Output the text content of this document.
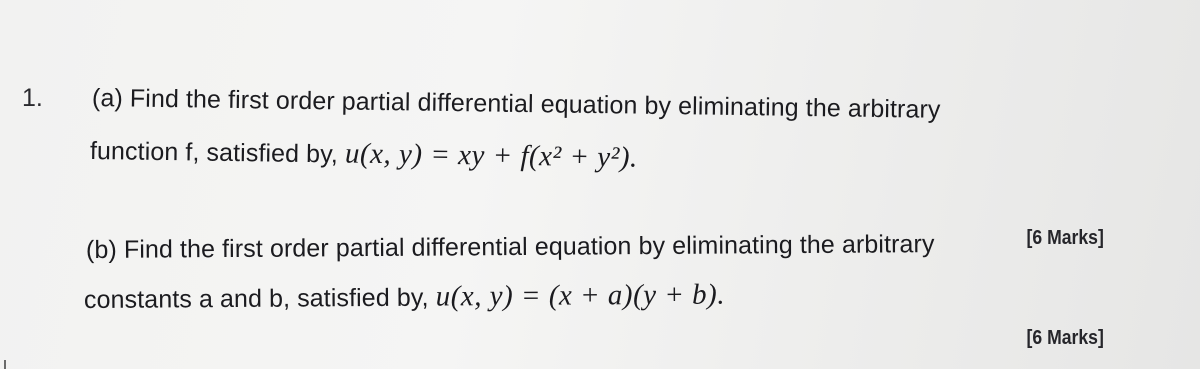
1. (a) Find the first order partial differential equation by eliminating the arbitrary
function f, satisfied by, u(x, y) = xy + f(x² + y²).
[6 Marks]
(b) Find the first order partial differential equation by eliminating the arbitrary
constants a and b, satisfied by, u(x, y) = (x + a)(y + b).
[6 Marks]
